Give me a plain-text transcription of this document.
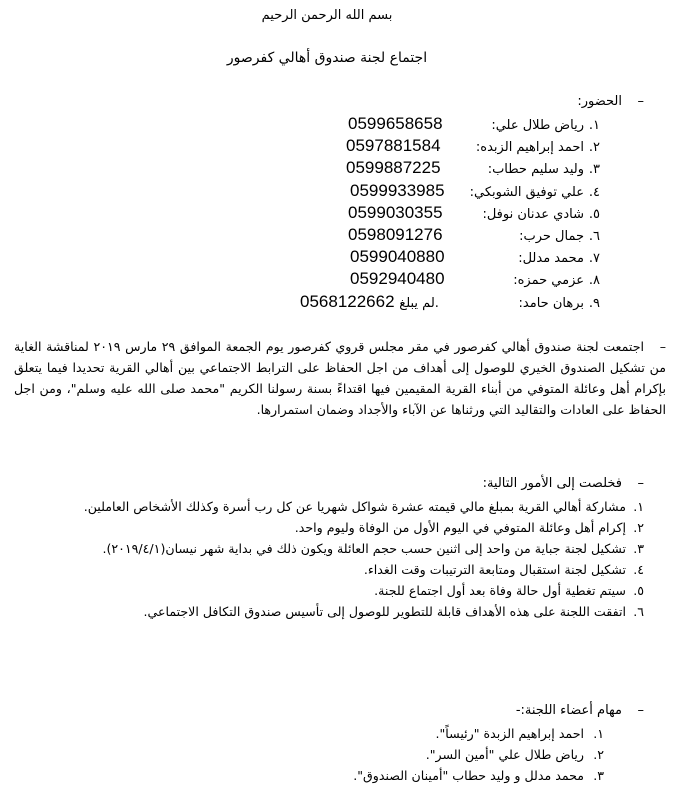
بسم الله الرحمن الرحيم
اجتماع لجنة صندوق أهالي كفرصور
–الحضور:
١.
رياض طلال علي:
0599658658
٢.
احمد إبراهيم الزبده:
0597881584
٣.
وليد سليم حطاب:
0599887225
٤.
علي توفيق الشوبكي:
0599933985
٥.
شادي عدنان نوفل:
0599030355
٦.
جمال حرب:
0598091276
٧.
محمد مدلل:
0599040880
٨.
عزمي حمزه:
0592940480
٩.
برهان حامد:
0568122662 لم يبلغ.
–اجتمعت لجنة صندوق أهالي كفرصور في مقر مجلس قروي كفرصور يوم الجمعة الموافق ٢٩ مارس ٢٠١٩ لمناقشة الغاية من تشكيل الصندوق الخيري للوصول إلى أهداف من اجل الحفاظ على الترابط الاجتماعي بين أهالي القرية تحديدا فيما يتعلق بإكرام أهل وعائلة المتوفي من أبناء القرية المقيمين فيها اقتداءً بسنة رسولنا الكريم "محمد صلى الله عليه وسلم"، ومن اجل الحفاظ على العادات والتقاليد التي ورثناها عن الآباء والأجداد وضمان استمرارها.
–فخلصت إلى الأمور التالية:
١.
مشاركة أهالي القرية بمبلغ مالي قيمته عشرة شواكل شهريا عن كل رب أسرة وكذلك الأشخاص العاملين.
٢.
إكرام أهل وعائلة المتوفي في اليوم الأول من الوفاة وليوم واحد.
٣.
تشكيل لجنة جباية من واحد إلى اثنين حسب حجم العائلة ويكون ذلك في بداية شهر نيسان(٢٠١٩/٤/١).
٤.
تشكيل لجنة استقبال ومتابعة الترتيبات وقت الغداء.
٥.
سيتم تغطية أول حالة وفاة بعد أول اجتماع للجنة.
٦.
اتفقت اللجنة على هذه الأهداف قابلة للتطوير للوصول إلى تأسيس صندوق التكافل الاجتماعي.
–مهام أعضاء اللجنة:-
١.
احمد إبراهيم الزبدة "رئيساً".
٢.
رياض طلال علي "أمين السر".
٣.
محمد مدلل و وليد حطاب "أمينان الصندوق".
